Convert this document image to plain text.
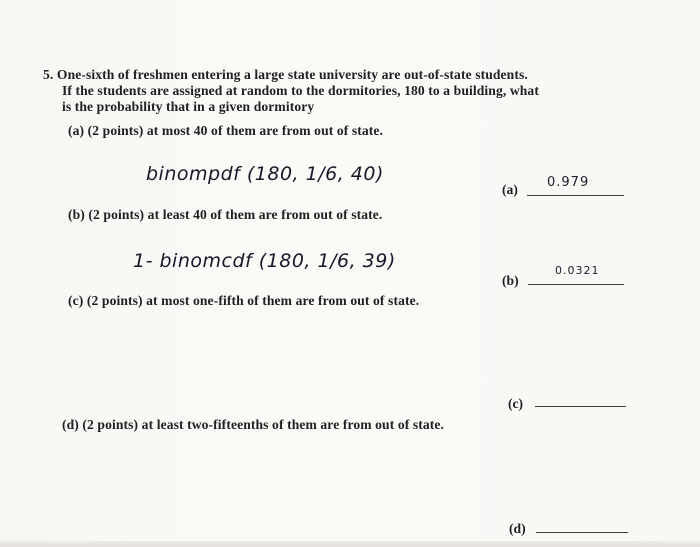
5. One-sixth of freshmen entering a large state university are out-of-state students.
If the students are assigned at random to the dormitories, 180 to a building, what
is the probability that in a given dormitory
(a) (2 points) at most 40 of them are from out of state.
binompdf (180, 1/6, 40)
(a) 0.979
(b) (2 points) at least 40 of them are from out of state.
1- binomcdf (180, 1/6, 39)
(b)
0.0321
(c) (2 points) at most one-fifth of them are from out of state.
(c)
(d) (2 points) at least two-fifteenths of them are from out of state.
(d)
